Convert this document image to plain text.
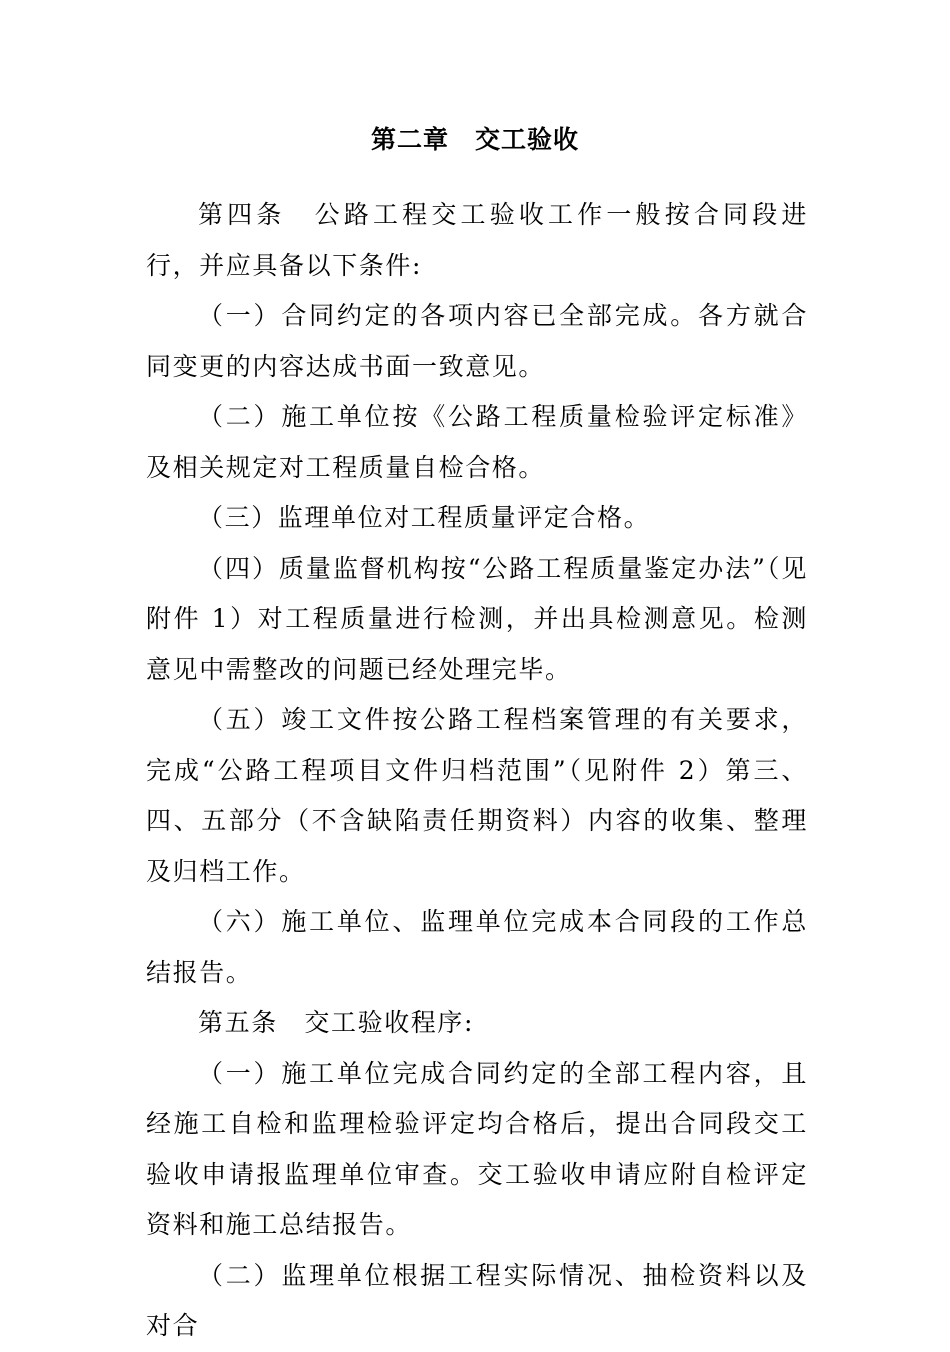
第二章　交工验收

第四条　公路工程交工验收工作一般按合同段进行，并应具备以下条件:

（一）合同约定的各项内容已全部完成。各方就合同变更的内容达成书面一致意见。

（二）施工单位按《公路工程质量检验评定标准》及相关规定对工程质量自检合格。

（三）监理单位对工程质量评定合格。

（四）质量监督机构按“公路工程质量鉴定办法”（见附件 1）对工程质量进行检测，并出具检测意见。检测意见中需整改的问题已经处理完毕。

（五）竣工文件按公路工程档案管理的有关要求，完成“公路工程项目文件归档范围”（见附件 2）第三、四、五部分（不含缺陷责任期资料）内容的收集、整理及归档工作。

（六）施工单位、监理单位完成本合同段的工作总结报告。

第五条　交工验收程序:

（一）施工单位完成合同约定的全部工程内容，且经施工自检和监理检验评定均合格后，提出合同段交工验收申请报监理单位审查。交工验收申请应附自检评定资料和施工总结报告。

（二）监理单位根据工程实际情况、抽检资料以及对合
